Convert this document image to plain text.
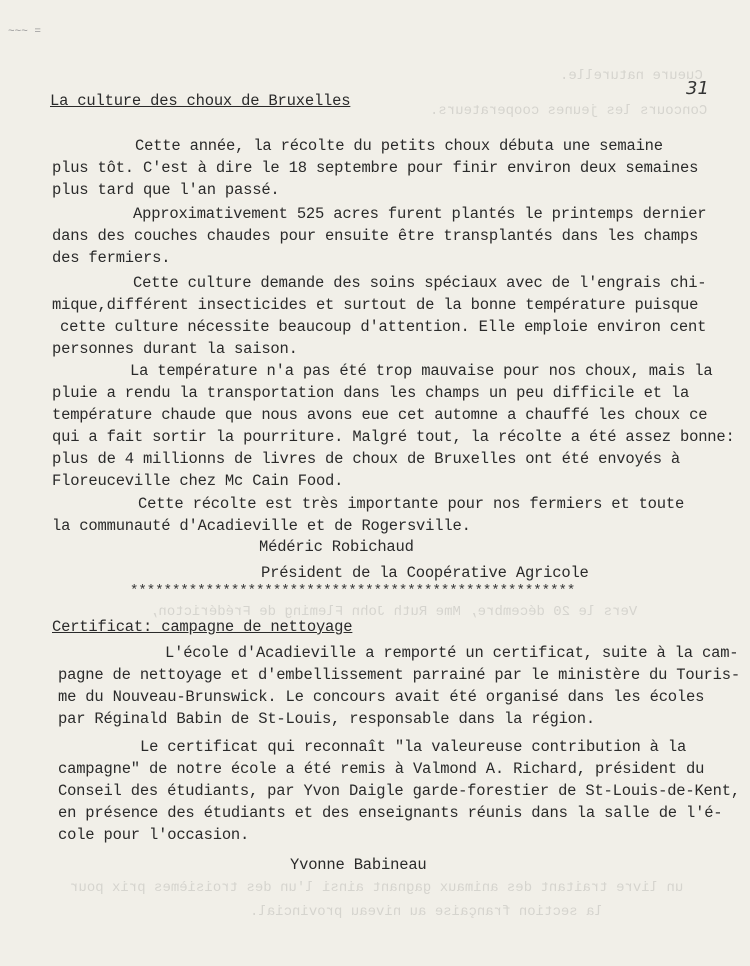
~~~ =
31
Cueure naturelle.
Concours les jeunes cooperateurs.
Vers le 20 décembre, Mme Ruth John Fleming de Frédéricton,
un livre traitant des animaux gagnant ainsi l'un des troisièmes prix pour
la section française au niveau provincial.
La culture des choux de Bruxelles
Cette année, la récolte du petits choux débuta une semaine
plus tôt. C'est à dire le 18 septembre pour finir environ deux semaines
plus tard que l'an passé.
Approximativement 525 acres furent plantés le printemps dernier
dans des couches chaudes pour ensuite être transplantés dans les champs
des fermiers.
Cette culture demande des soins spéciaux avec de l'engrais chi-
mique,différent insecticides et surtout de la bonne température puisque
cette culture nécessite beaucoup d'attention. Elle emploie environ cent
personnes durant la saison.
La température n'a pas été trop mauvaise pour nos choux, mais la
pluie a rendu la transportation dans les champs un peu difficile et la
température chaude que nous avons eue cet automne a chauffé les choux ce
qui a fait sortir la pourriture. Malgré tout, la récolte a été assez bonne:
plus de 4 millionns de livres de choux de Bruxelles ont été envoyés à
Floreuceville chez Mc Cain Food.
Cette récolte est très importante pour nos fermiers et toute
la communauté d'Acadieville et de Rogersville.
Médéric Robichaud
Président de la Coopérative Agricole
*****************************************************
Certificat: campagne de nettoyage
L'école d'Acadieville a remporté un certificat, suite à la cam-
pagne de nettoyage et d'embellissement parrainé par le ministère du Touris-
me du Nouveau-Brunswick. Le concours avait été organisé dans les écoles
par Réginald Babin de St-Louis, responsable dans la région.
Le certificat qui reconnaît "la valeureuse contribution à la
campagne" de notre école a été remis à Valmond A. Richard, président du
Conseil des étudiants, par Yvon Daigle garde-forestier de St-Louis-de-Kent,
en présence des étudiants et des enseignants réunis dans la salle de l'é-
cole pour l'occasion.
Yvonne Babineau
